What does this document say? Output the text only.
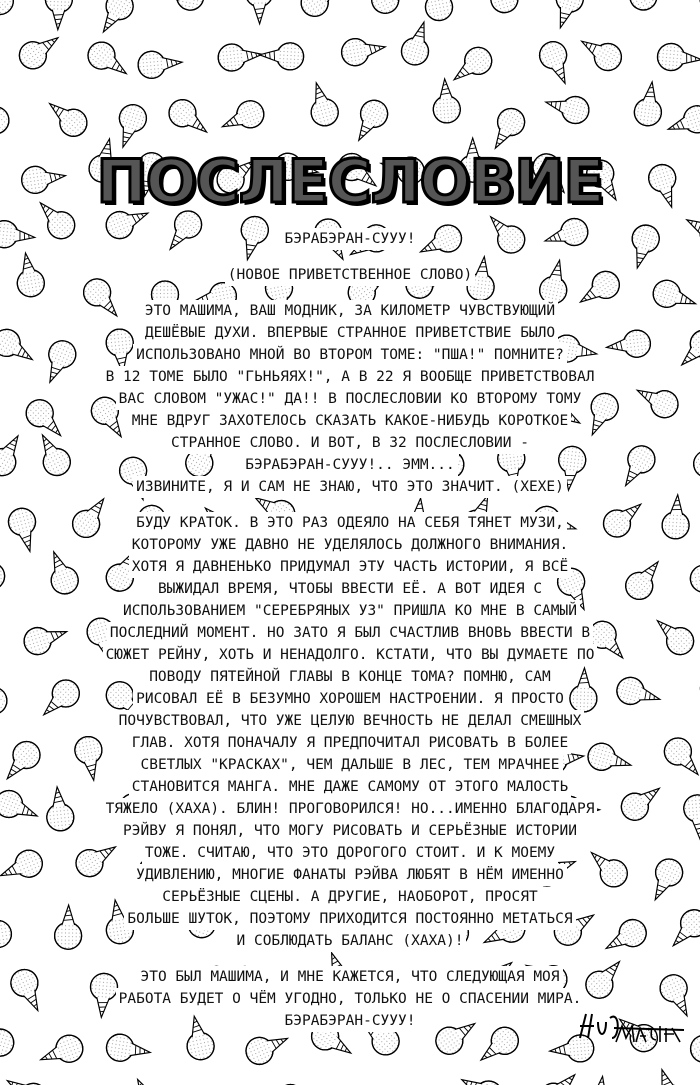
ПОСЛЕСЛОВИЕ

БЭРАБЭРАН-СУУУ!

(НОВОЕ ПРИВЕТСТВЕННОЕ СЛОВО)

ЭТО МАШИМА, ВАШ МОДНИК, ЗА КИЛОМЕТР ЧУВСТВУЮЩИЙ
ДЕШЁВЫЕ ДУХИ. ВПЕРВЫЕ СТРАННОЕ ПРИВЕТСТВИЕ БЫЛО
ИСПОЛЬЗОВАНО МНОЙ ВО ВТОРОМ ТОМЕ: "ПША!" ПОМНИТЕ?
В 12 ТОМЕ БЫЛО "ГЬНЬЯЯХ!", А В 22 Я ВООБЩЕ ПРИВЕТСТВОВАЛ
ВАС СЛОВОМ "УЖАС!" ДА!! В ПОСЛЕСЛОВИИ КО ВТОРОМУ ТОМУ
МНЕ ВДРУГ ЗАХОТЕЛОСЬ СКАЗАТЬ КАКОЕ-НИБУДЬ КОРОТКОЕ
СТРАННОЕ СЛОВО. И ВОТ, В 32 ПОСЛЕСЛОВИИ -
БЭРАБЭРАН-СУУУ!.. ЭММ...
ИЗВИНИТЕ, Я И САМ НЕ ЗНАЮ, ЧТО ЭТО ЗНАЧИТ. (ХЕХЕ)

БУДУ КРАТОК. В ЭТО РАЗ ОДЕЯЛО НА СЕБЯ ТЯНЕТ МУЗИ,
КОТОРОМУ УЖЕ ДАВНО НЕ УДЕЛЯЛОСЬ ДОЛЖНОГО ВНИМАНИЯ.
ХОТЯ Я ДАВНЕНЬКО ПРИДУМАЛ ЭТУ ЧАСТЬ ИСТОРИИ, Я ВСЁ
ВЫЖИДАЛ ВРЕМЯ, ЧТОБЫ ВВЕСТИ ЕЁ. А ВОТ ИДЕЯ С
ИСПОЛЬЗОВАНИЕМ "СЕРЕБРЯНЫХ УЗ" ПРИШЛА КО МНЕ В САМЫЙ
ПОСЛЕДНИЙ МОМЕНТ. НО ЗАТО Я БЫЛ СЧАСТЛИВ ВНОВЬ ВВЕСТИ В
СЮЖЕТ РЕЙНУ, ХОТЬ И НЕНАДОЛГО. КСТАТИ, ЧТО ВЫ ДУМАЕТЕ ПО
ПОВОДУ ПЯТЕЙНОЙ ГЛАВЫ В КОНЦЕ ТОМА? ПОМНЮ, САМ
РИСОВАЛ ЕЁ В БЕЗУМНО ХОРОШЕМ НАСТРОЕНИИ. Я ПРОСТО
ПОЧУВСТВОВАЛ, ЧТО УЖЕ ЦЕЛУЮ ВЕЧНОСТЬ НЕ ДЕЛАЛ СМЕШНЫХ
ГЛАВ. ХОТЯ ПОНАЧАЛУ Я ПРЕДПОЧИТАЛ РИСОВАТЬ В БОЛЕЕ
СВЕТЛЫХ "КРАСКАХ", ЧЕМ ДАЛЬШЕ В ЛЕС, ТЕМ МРАЧНЕЕ
СТАНОВИТСЯ МАНГА. МНЕ ДАЖЕ САМОМУ ОТ ЭТОГО МАЛОСТЬ
ТЯЖЕЛО (ХАХА). БЛИН! ПРОГОВОРИЛСЯ! НО...ИМЕННО БЛАГОДАРЯ
РЭЙВУ Я ПОНЯЛ, ЧТО МОГУ РИСОВАТЬ И СЕРЬЁЗНЫЕ ИСТОРИИ
ТОЖЕ. СЧИТАЮ, ЧТО ЭТО ДОРОГОГО СТОИТ. И К МОЕМУ
УДИВЛЕНИЮ, МНОГИЕ ФАНАТЫ РЭЙВА ЛЮБЯТ В НЁМ ИМЕННО
СЕРЬЁЗНЫЕ СЦЕНЫ. А ДРУГИЕ, НАОБОРОТ, ПРОСЯТ
БОЛЬШЕ ШУТОК, ПОЭТОМУ ПРИХОДИТСЯ ПОСТОЯННО МЕТАТЬСЯ
И СОБЛЮДАТЬ БАЛАНС (ХАХА)!

ЭТО БЫЛ МАШИМА, И МНЕ КАЖЕТСЯ, ЧТО СЛЕДУЮЩАЯ МОЯ
РАБОТА БУДЕТ О ЧЁМ УГОДНО, ТОЛЬКО НЕ О СПАСЕНИИ МИРА.
БЭРАБЭРАН-СУУУ!
